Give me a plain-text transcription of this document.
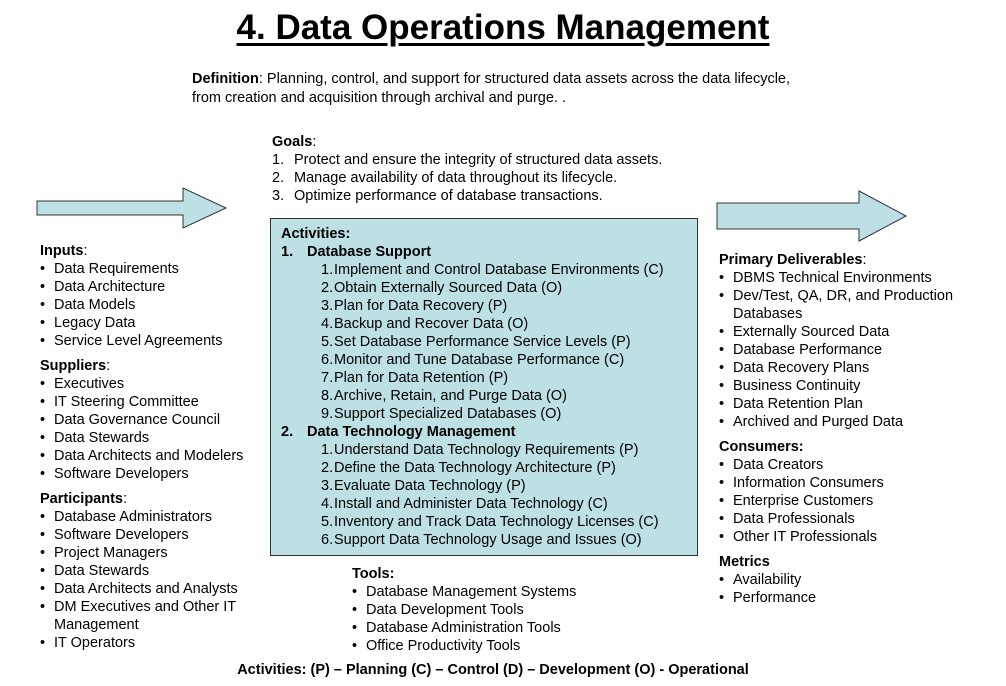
4. Data Operations Management
Definition: Planning, control, and support for structured data assets across the data lifecycle,
from creation and acquisition through archival and purge. .
Goals:
1. Protect and ensure the integrity of structured data assets.
2. Manage availability of data throughout its lifecycle.
3. Optimize performance of database transactions.
Inputs:
• Data Requirements
• Data Architecture
• Data Models
• Legacy Data
• Service Level Agreements
Suppliers:
• Executives
• IT Steering Committee
• Data Governance Council
• Data Stewards
• Data Architects and Modelers
• Software Developers
Participants:
• Database Administrators
• Software Developers
• Project Managers
• Data Stewards
• Data Architects and Analysts
• DM Executives and Other IT Management
• IT Operators
Activities:
1. Database Support
1.Implement and Control Database Environments (C)
2.Obtain Externally Sourced Data (O)
3.Plan for Data Recovery (P)
4.Backup and Recover Data (O)
5.Set Database Performance Service Levels (P)
6.Monitor and Tune Database Performance (C)
7.Plan for Data Retention (P)
8.Archive, Retain, and Purge Data (O)
9.Support Specialized Databases (O)
2. Data Technology Management
1.Understand Data Technology Requirements (P)
2.Define the Data Technology Architecture (P)
3.Evaluate Data Technology (P)
4.Install and Administer Data Technology (C)
5.Inventory and Track Data Technology Licenses (C)
6.Support Data Technology Usage and Issues (O)
Primary Deliverables:
• DBMS Technical Environments
• Dev/Test, QA, DR, and Production Databases
• Externally Sourced Data
• Database Performance
• Data Recovery Plans
• Business Continuity
• Data Retention Plan
• Archived and Purged Data
Consumers:
• Data Creators
• Information Consumers
• Enterprise Customers
• Data Professionals
• Other IT Professionals
Metrics
• Availability
• Performance
Tools:
• Database Management Systems
• Data Development Tools
• Database Administration Tools
• Office Productivity Tools
Activities: (P) – Planning (C) – Control (D) – Development (O) - Operational
